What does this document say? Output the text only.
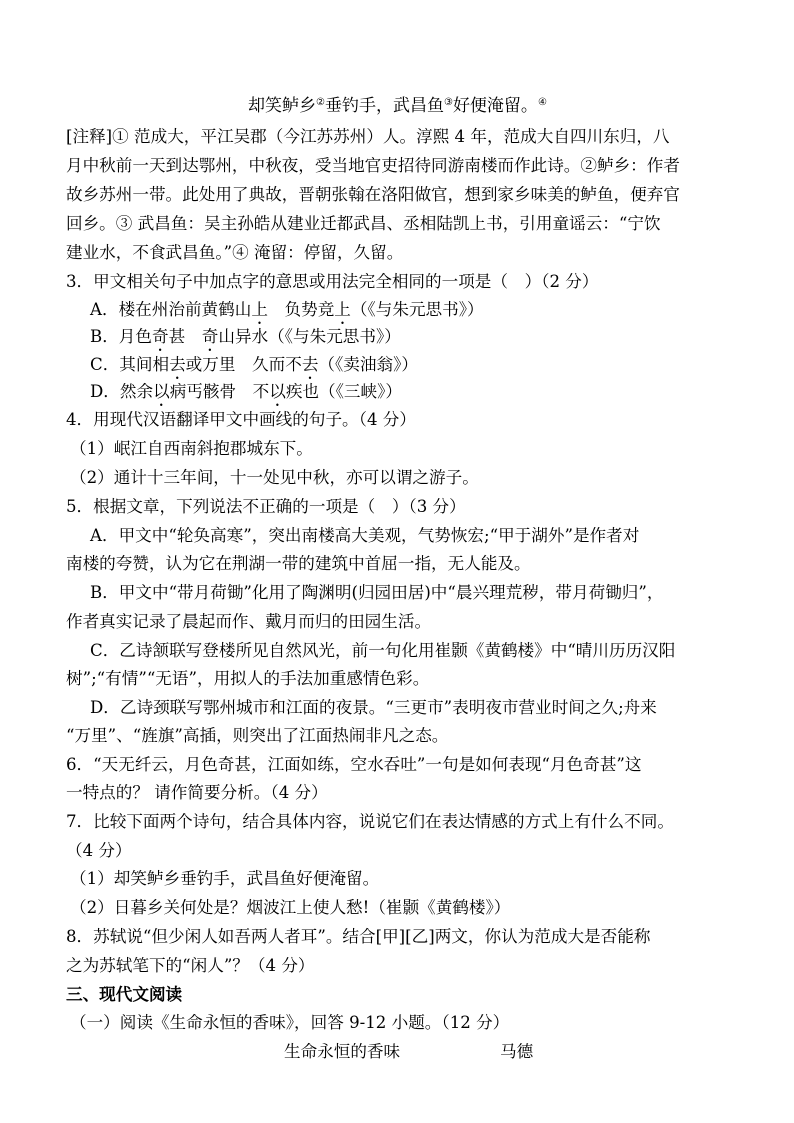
却笑鲈乡②垂钓手，武昌鱼③好便淹留。④
[注释]① 范成大，平江吴郡（今江苏苏州）人。淳熙 4 年，范成大自四川东归，八
月中秋前一天到达鄂州，中秋夜，受当地官吏招待同游南楼而作此诗。②鲈乡：作者
故乡苏州一带。此处用了典故，晋朝张翰在洛阳做官，想到家乡味美的鲈鱼，便弃官
回乡。③ 武昌鱼：吴主孙皓从建业迁都武昌、丞相陆凯上书，引用童谣云：“宁饮
建业水，不食武昌鱼。”④ 淹留：停留，久留。
3．甲文相关句子中加点字的意思或用法完全相同的一项是（　）（2 分）
A．楼在州治前黄鹤山上　负势竞上（《与朱元思书》）
B．月色奇甚　奇山异水（《与朱元思书》）
C．其间相去或万里　久而不去（《卖油翁》）
D．然余以病丐骸骨　不以疾也（《三峡》）
4．用现代汉语翻译甲文中画线的句子。（4 分）
（1）岷江自西南斜抱郡城东下。
（2）通计十三年间，十一处见中秋，亦可以谓之游子。
5．根据文章，下列说法不正确的一项是（　）（3 分）
A．甲文中“轮奂高寒”，突出南楼高大美观，气势恢宏;“甲于湖外”是作者对
南楼的夸赞，认为它在荆湖一带的建筑中首屈一指，无人能及。
B．甲文中“带月荷锄”化用了陶渊明(归园田居)中“晨兴理荒秽，带月荷锄归”，
作者真实记录了晨起而作、戴月而归的田园生活。
C．乙诗颔联写登楼所见自然风光，前一句化用崔颢《黄鹤楼》中“晴川历历汉阳
树”;“有情”“无语”，用拟人的手法加重感情色彩。
D．乙诗颈联写鄂州城市和江面的夜景。“三更市”表明夜市营业时间之久;舟来
“万里”、“旌旗”高插，则突出了江面热闹非凡之态。
6．“天无纤云，月色奇甚，江面如练，空水吞吐”一句是如何表现“月色奇甚”这
一特点的？ 请作简要分析。（4 分）
7．比较下面两个诗句，结合具体内容，说说它们在表达情感的方式上有什么不同。
（4 分）
（1）却笑鲈乡垂钓手，武昌鱼好便淹留。
（2）日暮乡关何处是？烟波江上使人愁!（崔颢《黄鹤楼》）
8．苏轼说“但少闲人如吾两人者耳”。结合[甲][乙]两文，你认为范成大是否能称
之为苏轼笔下的“闲人”？（4 分）
三、现代文阅读
（一）阅读《生命永恒的香味》，回答 9-12 小题。（12 分）
生命永恒的香味	马德
